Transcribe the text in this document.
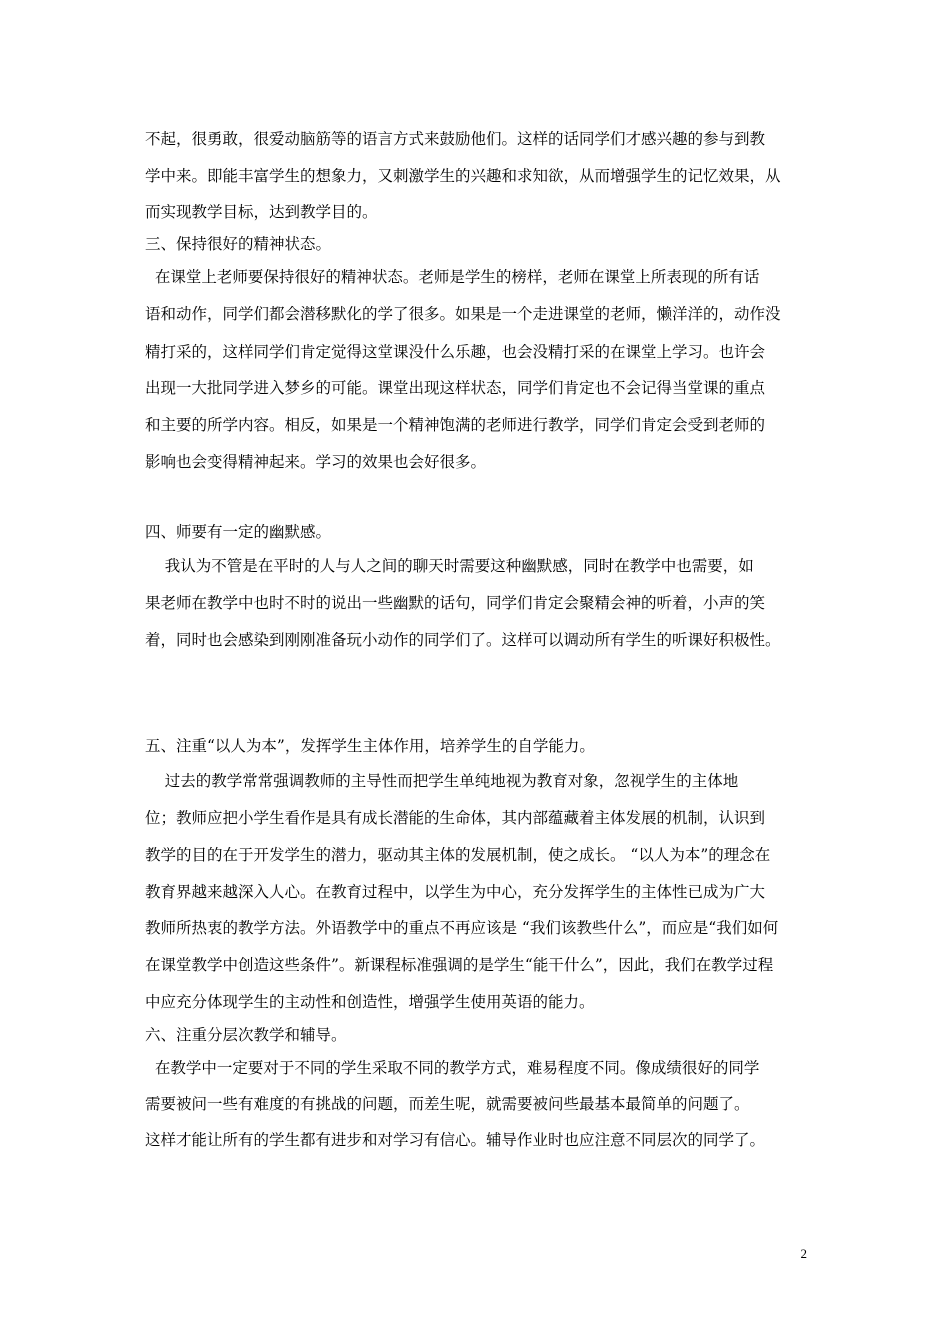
不起，很勇敢，很爱动脑筋等的语言方式来鼓励他们。这样的话同学们才感兴趣的参与到教
学中来。即能丰富学生的想象力，又刺激学生的兴趣和求知欲，从而增强学生的记忆效果，从
而实现教学目标，达到教学目的。
三、保持很好的精神状态。
在课堂上老师要保持很好的精神状态。老师是学生的榜样，老师在课堂上所表现的所有话
语和动作，同学们都会潜移默化的学了很多。如果是一个走进课堂的老师，懒洋洋的，动作没
精打采的，这样同学们肯定觉得这堂课没什么乐趣，也会没精打采的在课堂上学习。也许会
出现一大批同学进入梦乡的可能。课堂出现这样状态，同学们肯定也不会记得当堂课的重点
和主要的所学内容。相反，如果是一个精神饱满的老师进行教学，同学们肯定会受到老师的
影响也会变得精神起来。学习的效果也会好很多。
四、师要有一定的幽默感。
我认为不管是在平时的人与人之间的聊天时需要这种幽默感，同时在教学中也需要，如
果老师在教学中也时不时的说出一些幽默的话句，同学们肯定会聚精会神的听着，小声的笑
着，同时也会感染到刚刚准备玩小动作的同学们了。这样可以调动所有学生的听课好积极性。
五、注重“以人为本”，发挥学生主体作用，培养学生的自学能力。
过去的教学常常强调教师的主导性而把学生单纯地视为教育对象，忽视学生的主体地
位；教师应把小学生看作是具有成长潜能的生命体，其内部蕴藏着主体发展的机制，认识到
教学的目的在于开发学生的潜力，驱动其主体的发展机制，使之成长。 “以人为本”的理念在
教育界越来越深入人心。在教育过程中，以学生为中心，充分发挥学生的主体性已成为广大
教师所热衷的教学方法。外语教学中的重点不再应该是 “我们该教些什么”，而应是“我们如何
在课堂教学中创造这些条件”。新课程标准强调的是学生“能干什么”，因此，我们在教学过程
中应充分体现学生的主动性和创造性，增强学生使用英语的能力。
六、注重分层次教学和辅导。
在教学中一定要对于不同的学生采取不同的教学方式，难易程度不同。像成绩很好的同学
需要被问一些有难度的有挑战的问题，而差生呢，就需要被问些最基本最简单的问题了。
这样才能让所有的学生都有进步和对学习有信心。辅导作业时也应注意不同层次的同学了。
2
